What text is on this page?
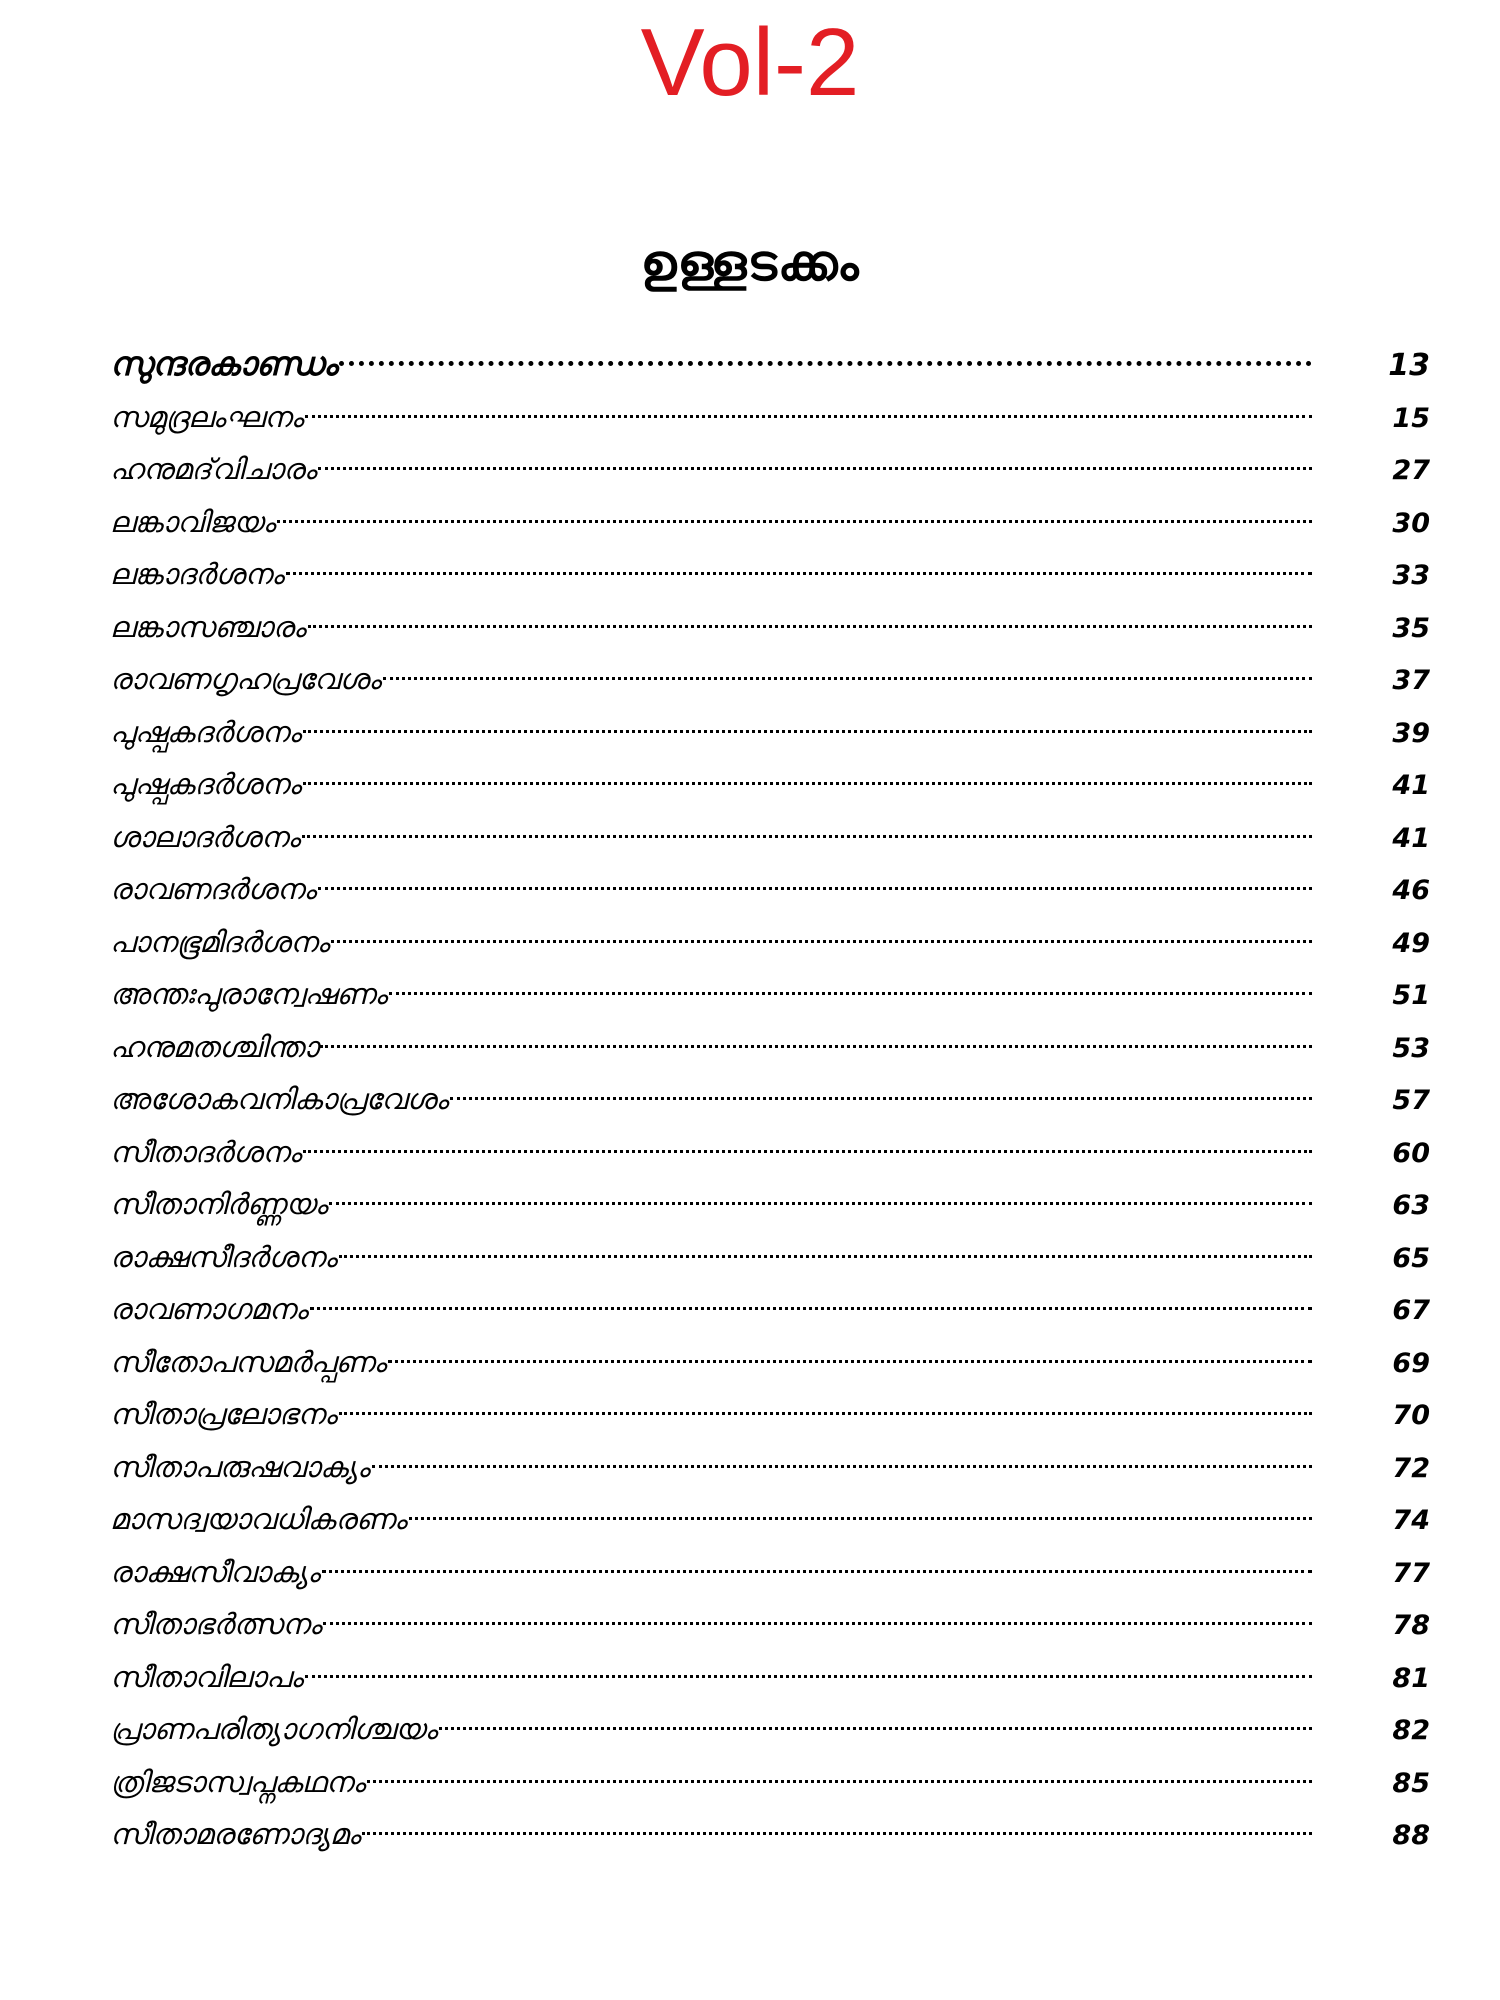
Vol-2
ഉള്ളടക്കം
സുന്ദരകാണ്ഡം	13
സമുദ്രലംഘനം	15
ഹനുമദ്‌വിചാരം	27
ലങ്കാവിജയം	30
ലങ്കാദർശനം	33
ലങ്കാസഞ്ചാരം	35
രാവണഗൃഹപ്രവേശം	37
പുഷ്പകദർശനം	39
പുഷ്പകദർശനം	41
ശാലാദർശനം	41
രാവണദർശനം	46
പാനഭൂമിദർശനം	49
അന്തഃപുരാന്വേഷണം	51
ഹനുമതശ്ചിന്താ	53
അശോകവനികാപ്രവേശം	57
സീതാദർശനം	60
സീതാനിർണ്ണയം	63
രാക്ഷസീദർശനം	65
രാവണാഗമനം	67
സീതോപസമർപ്പണം	69
സീതാപ്രലോഭനം	70
സീതാപരുഷവാക്യം	72
മാസദ്വയാവധികരണം	74
രാക്ഷസീവാക്യം	77
സീതാഭർത്സനം	78
സീതാവിലാപം	81
പ്രാണപരിത്യാഗനിശ്ചയം	82
ത്രിജടാസ്വപ്നകഥനം	85
സീതാമരണോദ്യമം	88
